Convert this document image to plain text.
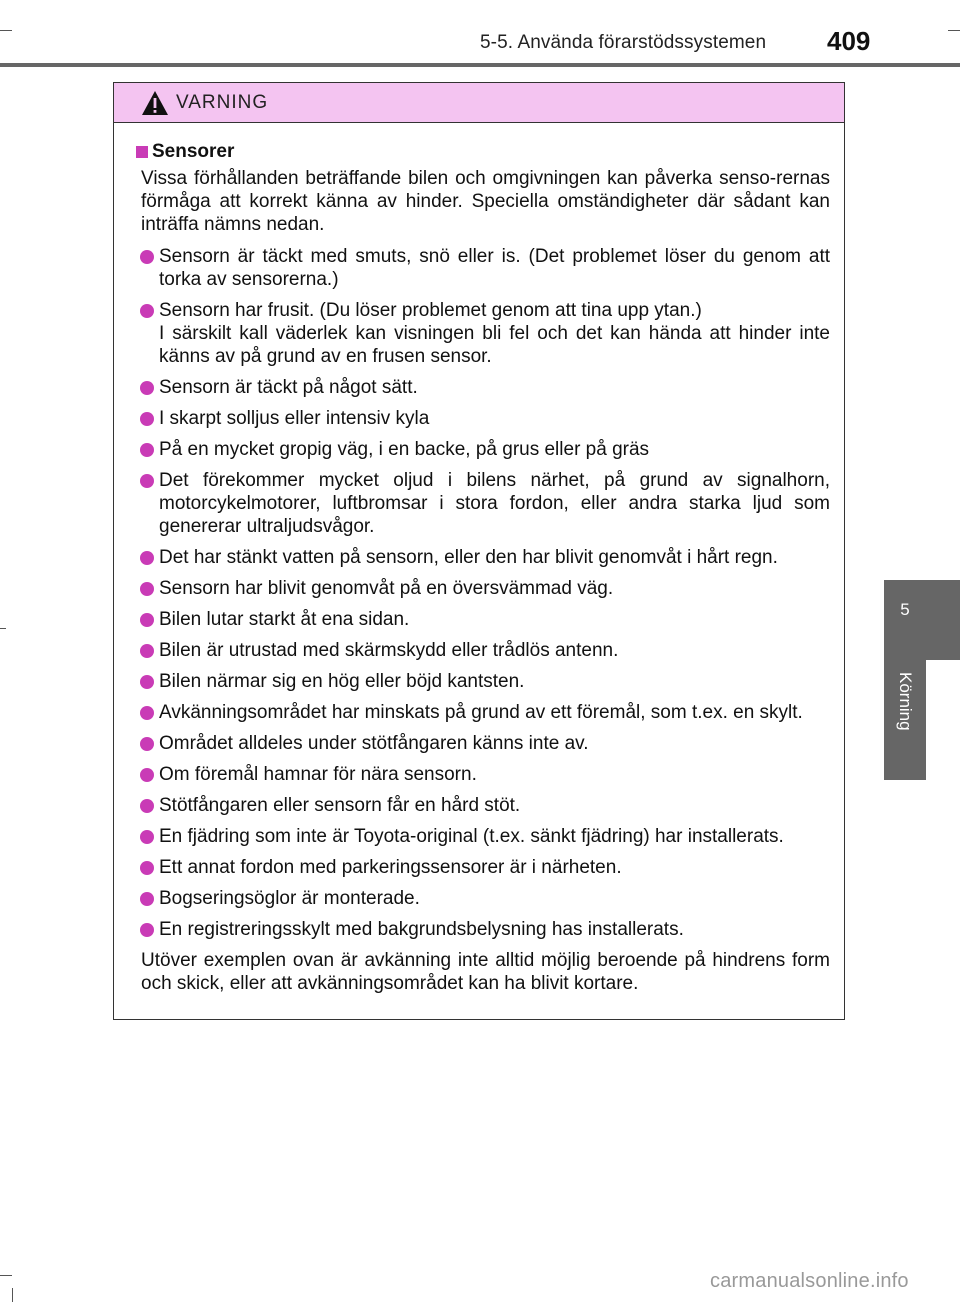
5-5. Använda förarstödssystemen 409
5
Körning
VARNING
Sensorer

Vissa förhållanden beträffande bilen och omgivningen kan påverka senso-rernas förmåga att korrekt känna av hinder. Speciella omständigheter där sådant kan inträffa nämns nedan.

Sensorn är täckt med smuts, snö eller is. (Det problemet löser du genom att torka av sensorerna.)
Sensorn har frusit. (Du löser problemet genom att tina upp ytan.)
I särskilt kall väderlek kan visningen bli fel och det kan hända att hinder inte känns av på grund av en frusen sensor.
Sensorn är täckt på något sätt.
I skarpt solljus eller intensiv kyla
På en mycket gropig väg, i en backe, på grus eller på gräs
Det förekommer mycket oljud i bilens närhet, på grund av signalhorn, motorcykelmotorer, luftbromsar i stora fordon, eller andra starka ljud som genererar ultraljudsvågor.
Det har stänkt vatten på sensorn, eller den har blivit genomvåt i hårt regn.
Sensorn har blivit genomvåt på en översvämmad väg.
Bilen lutar starkt åt ena sidan.
Bilen är utrustad med skärmskydd eller trådlös antenn.
Bilen närmar sig en hög eller böjd kantsten.
Avkänningsområdet har minskats på grund av ett föremål, som t.ex. en skylt.
Området alldeles under stötfångaren känns inte av.
Om föremål hamnar för nära sensorn.
Stötfångaren eller sensorn får en hård stöt.
En fjädring som inte är Toyota-original (t.ex. sänkt fjädring) har installerats.
Ett annat fordon med parkeringssensorer är i närheten.
Bogseringsöglor är monterade.
En registreringsskylt med bakgrundsbelysning has installerats.

Utöver exemplen ovan är avkänning inte alltid möjlig beroende på hindrens form och skick, eller att avkänningsområdet kan ha blivit kortare.

carmanualsonline.info
